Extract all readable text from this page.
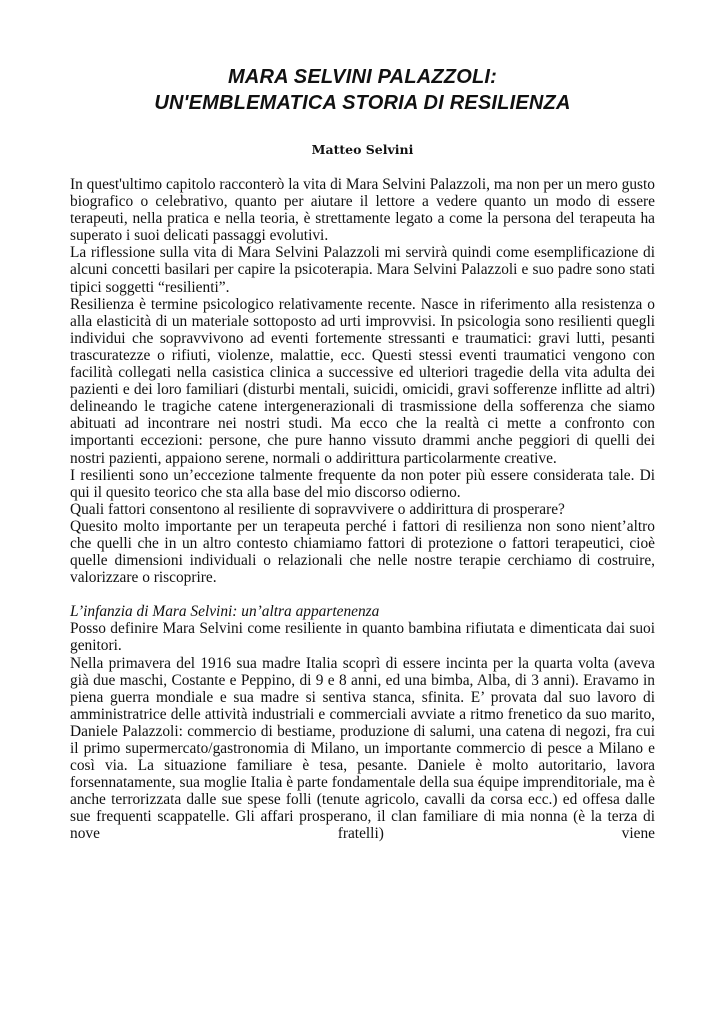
MARA SELVINI PALAZZOLI:
UN'EMBLEMATICA STORIA DI RESILIENZA

Matteo Selvini

In quest'ultimo capitolo racconterò la vita di Mara Selvini Palazzoli, ma non per un mero gusto biografico o celebrativo, quanto per aiutare il lettore a vedere quanto un modo di essere terapeuti, nella pratica e nella teoria, è strettamente legato a come la persona del terapeuta ha superato i suoi delicati passaggi evolutivi.

La riflessione sulla vita di Mara Selvini Palazzoli mi servirà quindi come esemplificazione di alcuni concetti basilari per capire la psicoterapia. Mara Selvini Palazzoli e suo padre sono stati tipici soggetti “resilienti”.

Resilienza è termine psicologico relativamente recente. Nasce in riferimento alla resistenza o alla elasticità di un materiale sottoposto ad urti improvvisi. In psicologia sono resilienti quegli individui che sopravvivono ad eventi fortemente stressanti e traumatici: gravi lutti, pesanti trascuratezze o rifiuti, violenze, malattie, ecc. Questi stessi eventi traumatici vengono con facilità collegati nella casistica clinica a successive ed ulteriori tragedie della vita adulta dei pazienti e dei loro familiari (disturbi mentali, suicidi, omicidi, gravi sofferenze inflitte ad altri) delineando le tragiche catene intergenerazionali di trasmissione della sofferenza che siamo abituati ad incontrare nei nostri studi. Ma ecco che la realtà ci mette a confronto con importanti eccezioni: persone, che pure hanno vissuto drammi anche peggiori di quelli dei nostri pazienti, appaiono serene, normali o addirittura particolarmente creative.

I resilienti sono un’eccezione talmente frequente da non poter più essere considerata tale. Di qui il quesito teorico che sta alla base del mio discorso odierno.

Quali fattori consentono al resiliente di sopravvivere o addirittura di prosperare?

Quesito molto importante per un terapeuta perché i fattori di resilienza non sono nient’altro che quelli che in un altro contesto chiamiamo fattori di protezione o fattori terapeutici, cioè quelle dimensioni individuali o relazionali che nelle nostre terapie cerchiamo di costruire, valorizzare o riscoprire.

L’infanzia di Mara Selvini: un’altra appartenenza

Posso definire Mara Selvini come resiliente in quanto bambina rifiutata e dimenticata dai suoi genitori.

Nella primavera del 1916 sua madre Italia scoprì di essere incinta per la quarta volta (aveva già due maschi, Costante e Peppino, di 9 e 8 anni, ed una bimba, Alba, di 3 anni). Eravamo in piena guerra mondiale e sua madre si sentiva stanca, sfinita. E’ provata dal suo lavoro di amministratrice delle attività industriali e commerciali avviate a ritmo frenetico da suo marito, Daniele Palazzoli: commercio di bestiame, produzione di salumi, una catena di negozi, fra cui il primo supermercato/gastronomia di Milano, un importante commercio di pesce a Milano e così via. La situazione familiare è tesa, pesante. Daniele è molto autoritario, lavora forsennatamente, sua moglie Italia è parte fondamentale della sua équipe imprenditoriale, ma è anche terrorizzata dalle sue spese folli (tenute agricolo, cavalli da corsa ecc.) ed offesa dalle sue frequenti scappatelle. Gli affari prosperano, il clan familiare di mia nonna (è la terza di nove fratelli) viene
